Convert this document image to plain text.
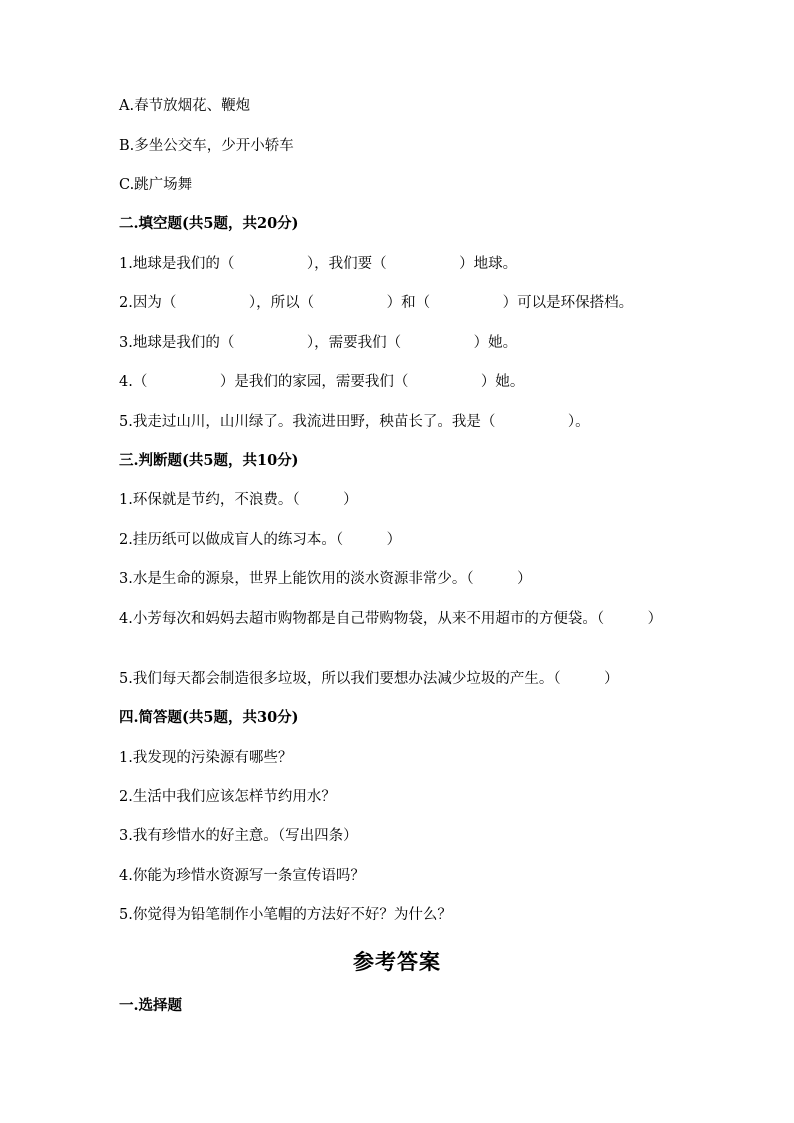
A.春节放烟花、鞭炮
B.多坐公交车，少开小轿车
C.跳广场舞
二.填空题(共5题，共20分)
1.地球是我们的（　　　　　），我们要（　　　　　）地球。
2.因为（　　　　　），所以（　　　　　）和（　　　　　）可以是环保搭档。
3.地球是我们的（　　　　　），需要我们（　　　　　）她。
4.（　　　　　）是我们的家园，需要我们（　　　　　）她。
5.我走过山川，山川绿了。我流进田野，秧苗长了。我是（　　　　　）。
三.判断题(共5题，共10分)
1.环保就是节约，不浪费。（　　　）
2.挂历纸可以做成盲人的练习本。（　　　）
3.水是生命的源泉，世界上能饮用的淡水资源非常少。（　　　）
4.小芳每次和妈妈去超市购物都是自己带购物袋，从来不用超市的方便袋。（　　　）
5.我们每天都会制造很多垃圾，所以我们要想办法减少垃圾的产生。（　　　）
四.简答题(共5题，共30分)
1.我发现的污染源有哪些？
2.生活中我们应该怎样节约用水？
3.我有珍惜水的好主意。（写出四条）
4.你能为珍惜水资源写一条宣传语吗？
5.你觉得为铅笔制作小笔帽的方法好不好？为什么？
参考答案
一.选择题
